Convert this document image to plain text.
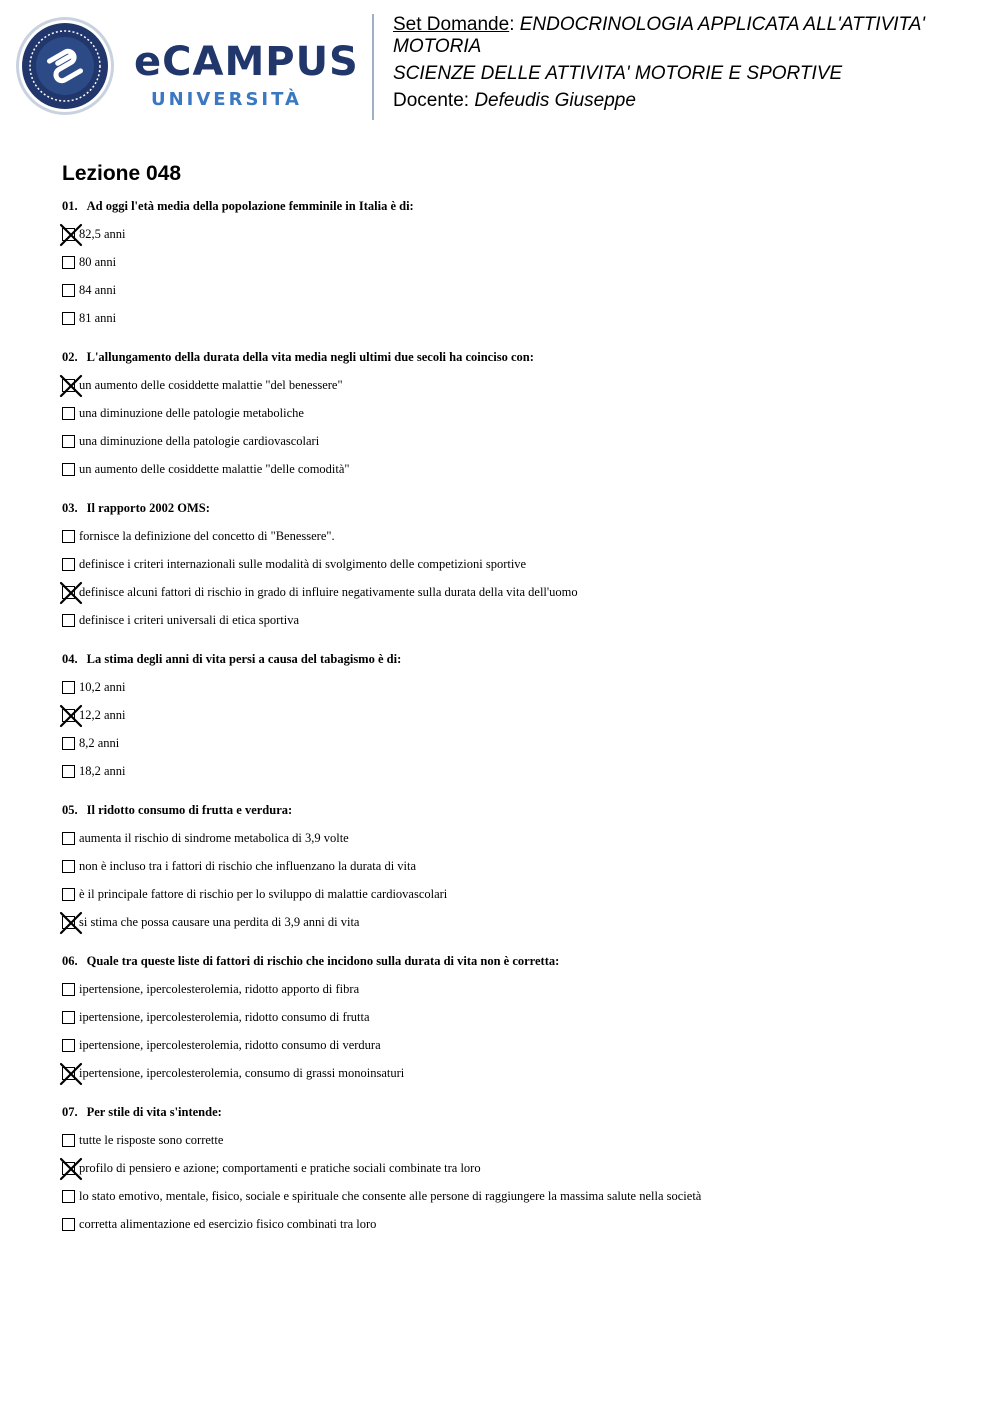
eCAMPUS
UNIVERSITÀ

Set Domande: ENDOCRINOLOGIA APPLICATA ALL'ATTIVITA'

MOTORIA

SCIENZE DELLE ATTIVITA' MOTORIE E SPORTIVE

Docente: Defeudis Giuseppe

Lezione 048

01. Ad oggi l'età media della popolazione femminile in Italia è di:

82,5 anni
80 anni
84 anni
81 anni

02. L'allungamento della durata della vita media negli ultimi due secoli ha coinciso con:

un aumento delle cosiddette malattie "del benessere"
una diminuzione delle patologie metaboliche
una diminuzione della patologie cardiovascolari
un aumento delle cosiddette malattie "delle comodità"

03. Il rapporto 2002 OMS:

fornisce la definizione del concetto di "Benessere".
definisce i criteri internazionali sulle modalità di svolgimento delle competizioni sportive
definisce alcuni fattori di rischio in grado di influire negativamente sulla durata della vita dell'uomo
definisce i criteri universali di etica sportiva

04. La stima degli anni di vita persi a causa del tabagismo è di:

10,2 anni
12,2 anni
8,2 anni
18,2 anni

05. Il ridotto consumo di frutta e verdura:

aumenta il rischio di sindrome metabolica di 3,9 volte
non è incluso tra i fattori di rischio che influenzano la durata di vita
è il principale fattore di rischio per lo sviluppo di malattie cardiovascolari
si stima che possa causare una perdita di 3,9 anni di vita

06. Quale tra queste liste di fattori di rischio che incidono sulla durata di vita non è corretta:

ipertensione, ipercolesterolemia, ridotto apporto di fibra
ipertensione, ipercolesterolemia, ridotto consumo di frutta
ipertensione, ipercolesterolemia, ridotto consumo di verdura
ipertensione, ipercolesterolemia, consumo di grassi monoinsaturi

07. Per stile di vita s'intende:

tutte le risposte sono corrette
profilo di pensiero e azione; comportamenti e pratiche sociali combinate tra loro
lo stato emotivo, mentale, fisico, sociale e spirituale che consente alle persone di raggiungere la massima salute nella società
corretta alimentazione ed esercizio fisico combinati tra loro
